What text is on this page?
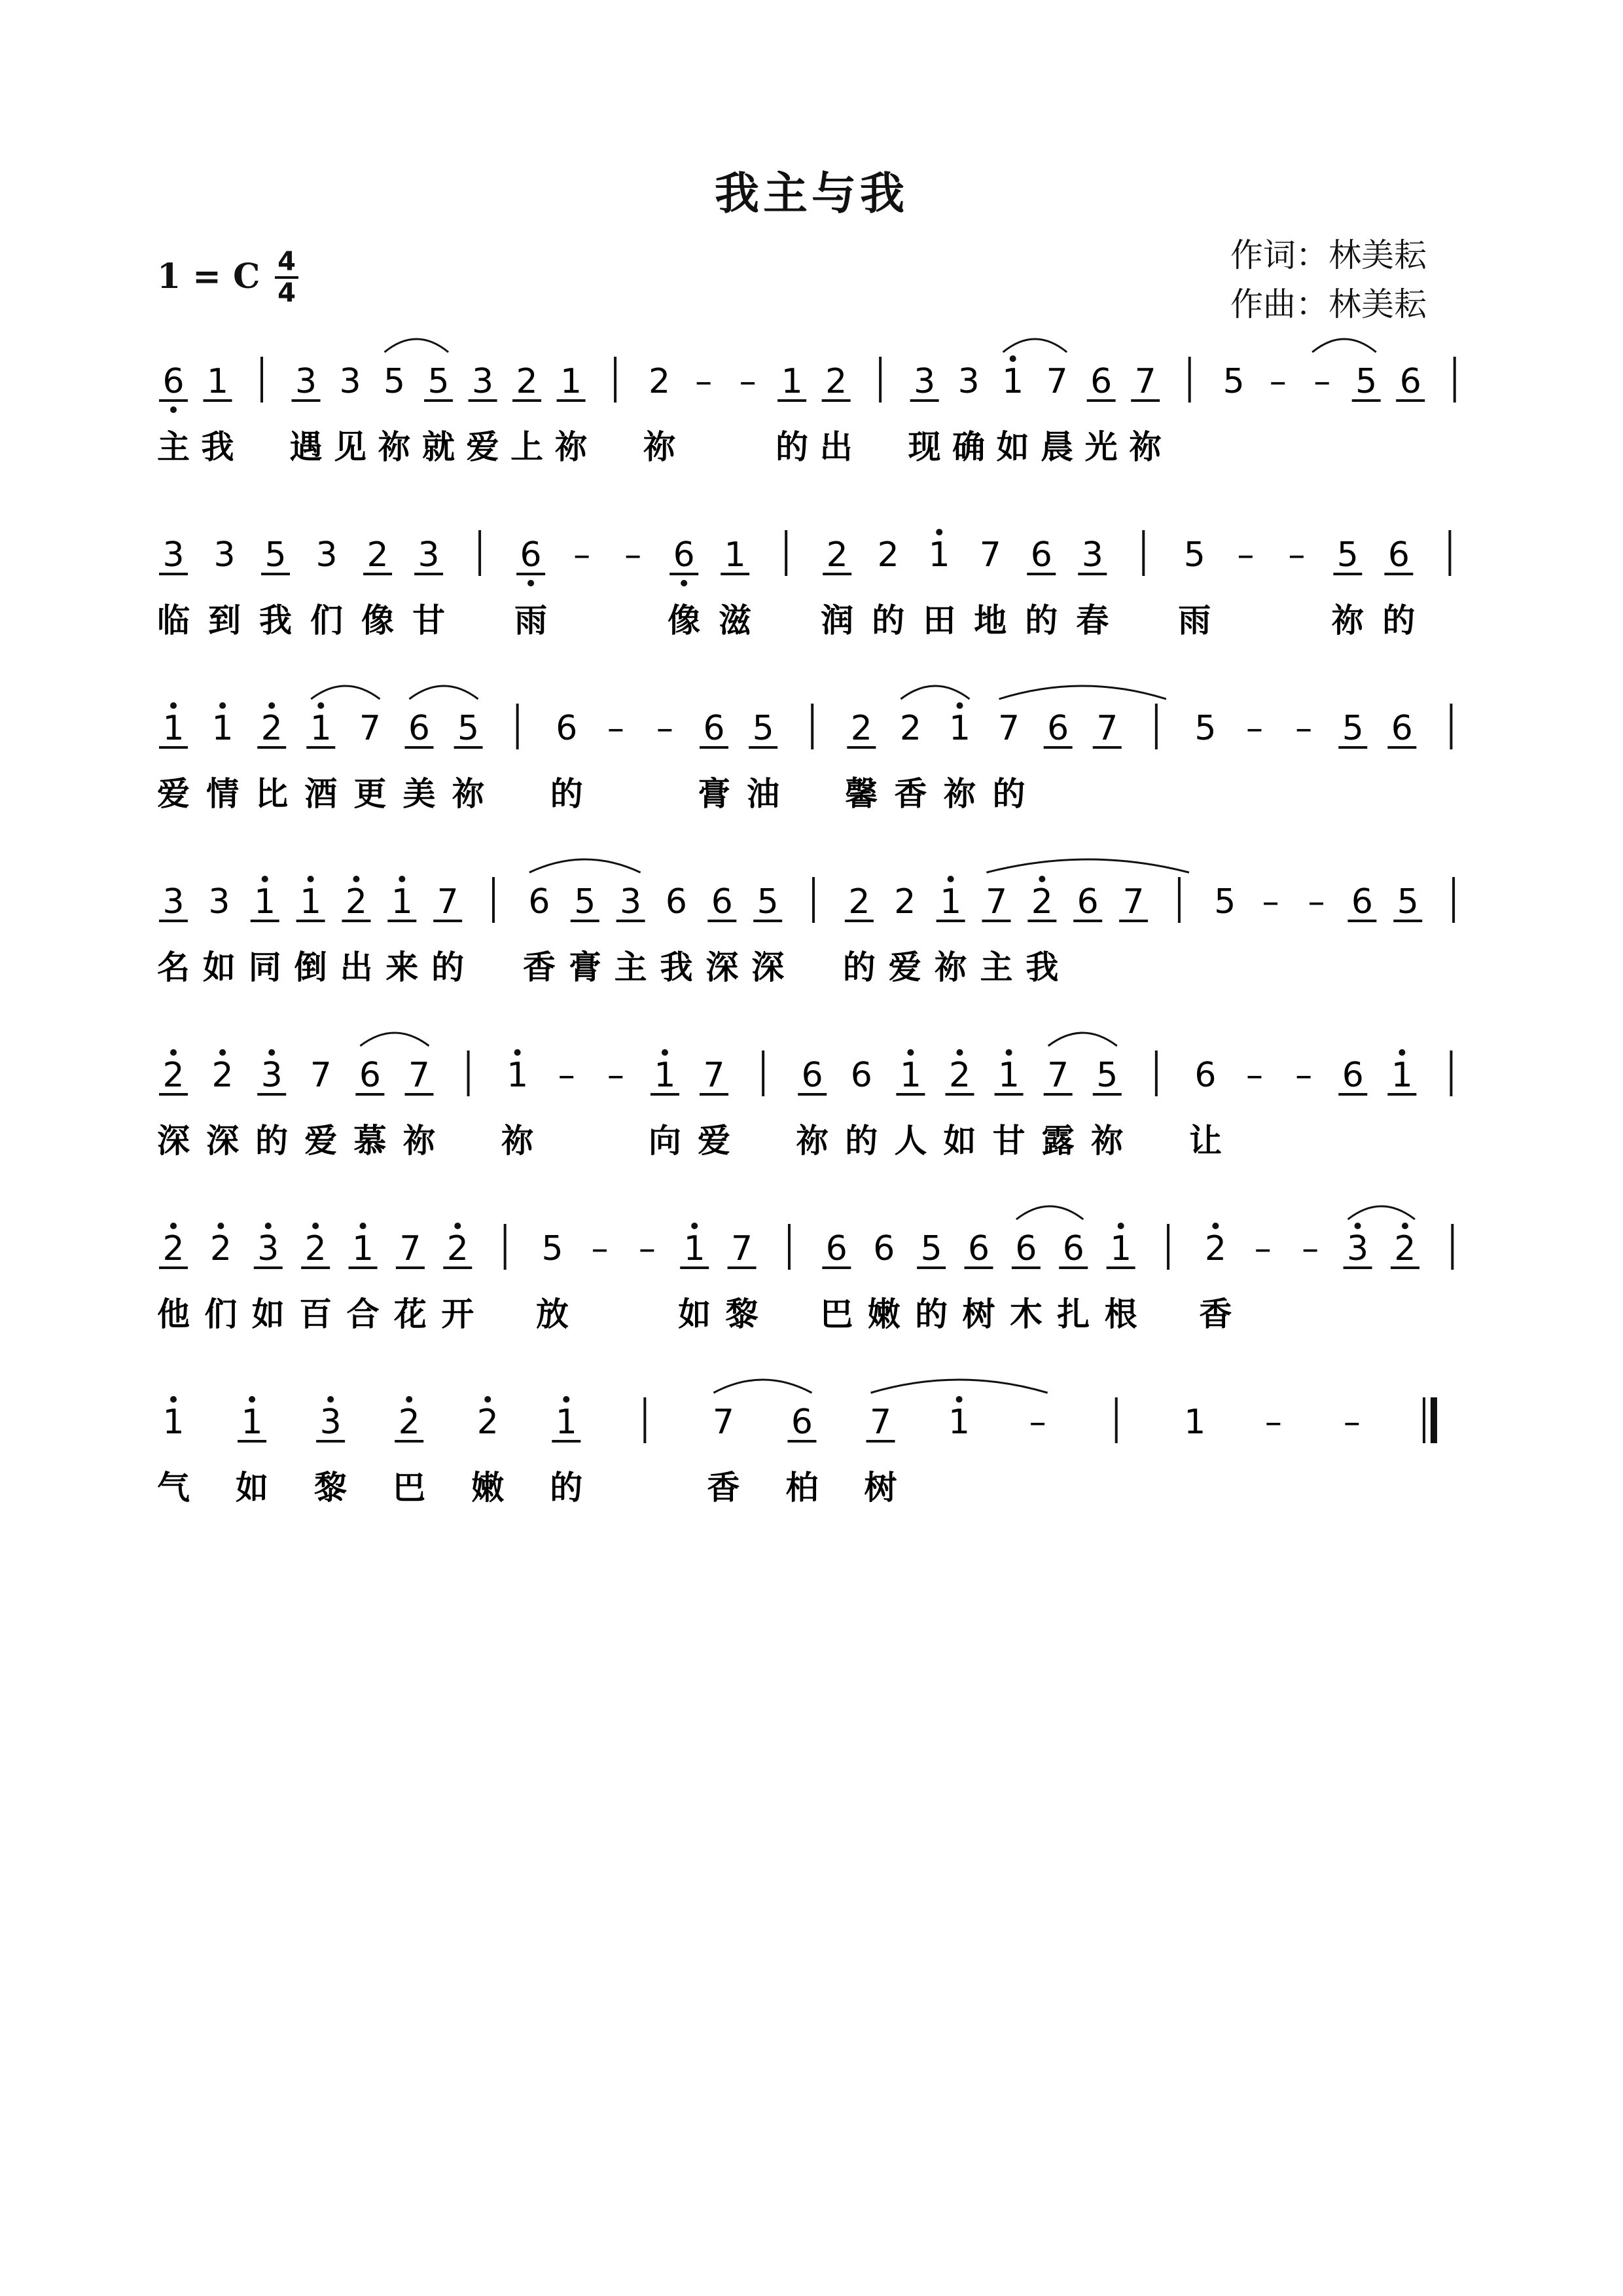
我主与我
1 = C 4
4
作词：林美耘
作曲：林美耘
6 1 3 3 5 5 3 2 1 2 – – 1 2 3 3 1 7 6 7 5 – – 5 6
主 我 遇 见 祢 就 爱 上 祢 祢	的 出 现 确 如 晨 光 祢
3 3 5 3 2 3 6 – – 6 1 2 2 1 7 6 3 5 – – 5 6
临 到 我 们 像 甘 雨	像 滋 润 的 田 地 的 春 雨	祢 的
1 1 2 1 7 6 5 6 – – 6 5 2 2 1 7 6 7 5 – – 5 6
爱 情 比 酒 更 美 祢 的	膏 油 馨 香 祢 的
3 3 1 1 2 1 7 6 5 3 6 6 5 2 2 1 7 2 6 7 5 – – 6 5
名 如 同 倒 出 来 的 香 膏 主 我 深 深 的 爱 祢 主 我
2 2 3 7 6 7 1 – – 1 7 6 6 1 2 1 7 5 6 – – 6 1
深 深 的 爱 慕 祢 祢	向 爱 祢 的 人 如 甘 露 祢 让
2 2 3 2 1 7 2 5 – – 1 7 6 6 5 6 6 6 1 2 – – 3 2
他 们 如 百 合 花 开 放	如 黎 巴 嫩 的 树 木 扎 根 香
1 1 3 2 2 1	7 6 7 1 –	1 – –
气 如 黎 巴 嫩 的	香 柏 树
